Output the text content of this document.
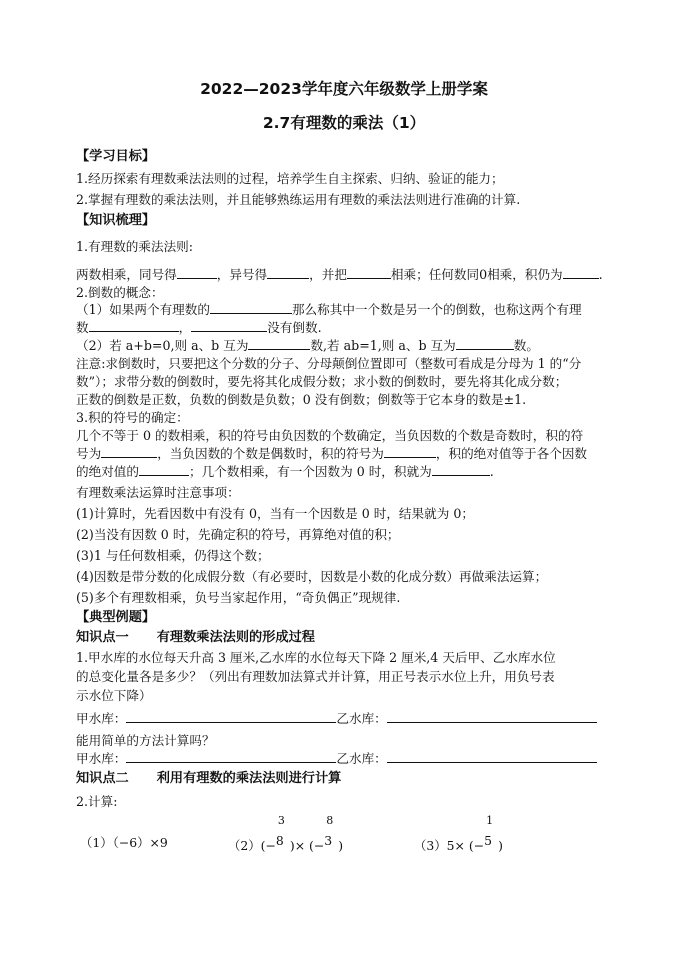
2022—2023学年度六年级数学上册学案
2.7有理数的乘法（1）
【学习目标】
1.经历探索有理数乘法法则的过程，培养学生自主探索、归纳、验证的能力；
2.掌握有理数的乘法法则，并且能够熟练运用有理数的乘法法则进行准确的计算.
【知识梳理】
1.有理数的乘法法则:
两数相乘，同号得	，异号得	，并把	相乘；任何数同0相乘，积仍为	.
2.倒数的概念：
（1）如果两个有理数的	那么称其中一个数是另一个的倒数，也称这两个有理
数	，	没有倒数.
（2）若 a+b=0,则 a、b 互为	数,若 ab=1,则 a、b 互为	数。
注意:求倒数时，只要把这个分数的分子、分母颠倒位置即可（整数可看成是分母为 1 的“分
数”）；求带分数的倒数时，要先将其化成假分数；求小数的倒数时，要先将其化成分数；
正数的倒数是正数，负数的倒数是负数；0 没有倒数；倒数等于它本身的数是±1.
3.积的符号的确定：
几个不等于 0 的数相乘，积的符号由负因数的个数确定，当负因数的个数是奇数时，积的符
号为	，当负因数的个数是偶数时，积的符号为	，积的绝对值等于各个因数
的绝对值的	；几个数相乘，有一个因数为 0 时，积就为	.
有理数乘法运算时注意事项：
(1)计算时，先看因数中有没有 0，当有一个因数是 0 时，结果就为 0；
(2)当没有因数 0 时，先确定积的符号，再算绝对值的积；
(3)1 与任何数相乘，仍得这个数；
(4)因数是带分数的化成假分数（有必要时，因数是小数的化成分数）再做乘法运算；
(5)多个有理数相乘，负号当家起作用，“奇负偶正”现规律.
【典型例题】
知识点一 有理数乘法法则的形成过程
1.甲水库的水位每天升高 3 厘米,乙水库的水位每天下降 2 厘米,4 天后甲、乙水库水位
的总变化量各是多少？（列出有理数加法算式并计算，用正号表示水位上升，用负号表
示水位下降）
甲水库：	乙水库：
能用简单的方法计算吗？
甲水库：	乙水库：
知识点二 利用有理数的乘法法则进行计算
2.计算:
（1）（−6）×9	（2）(−
3
8 )× (−
8
3 )	（3）5× (−
1
5 )
